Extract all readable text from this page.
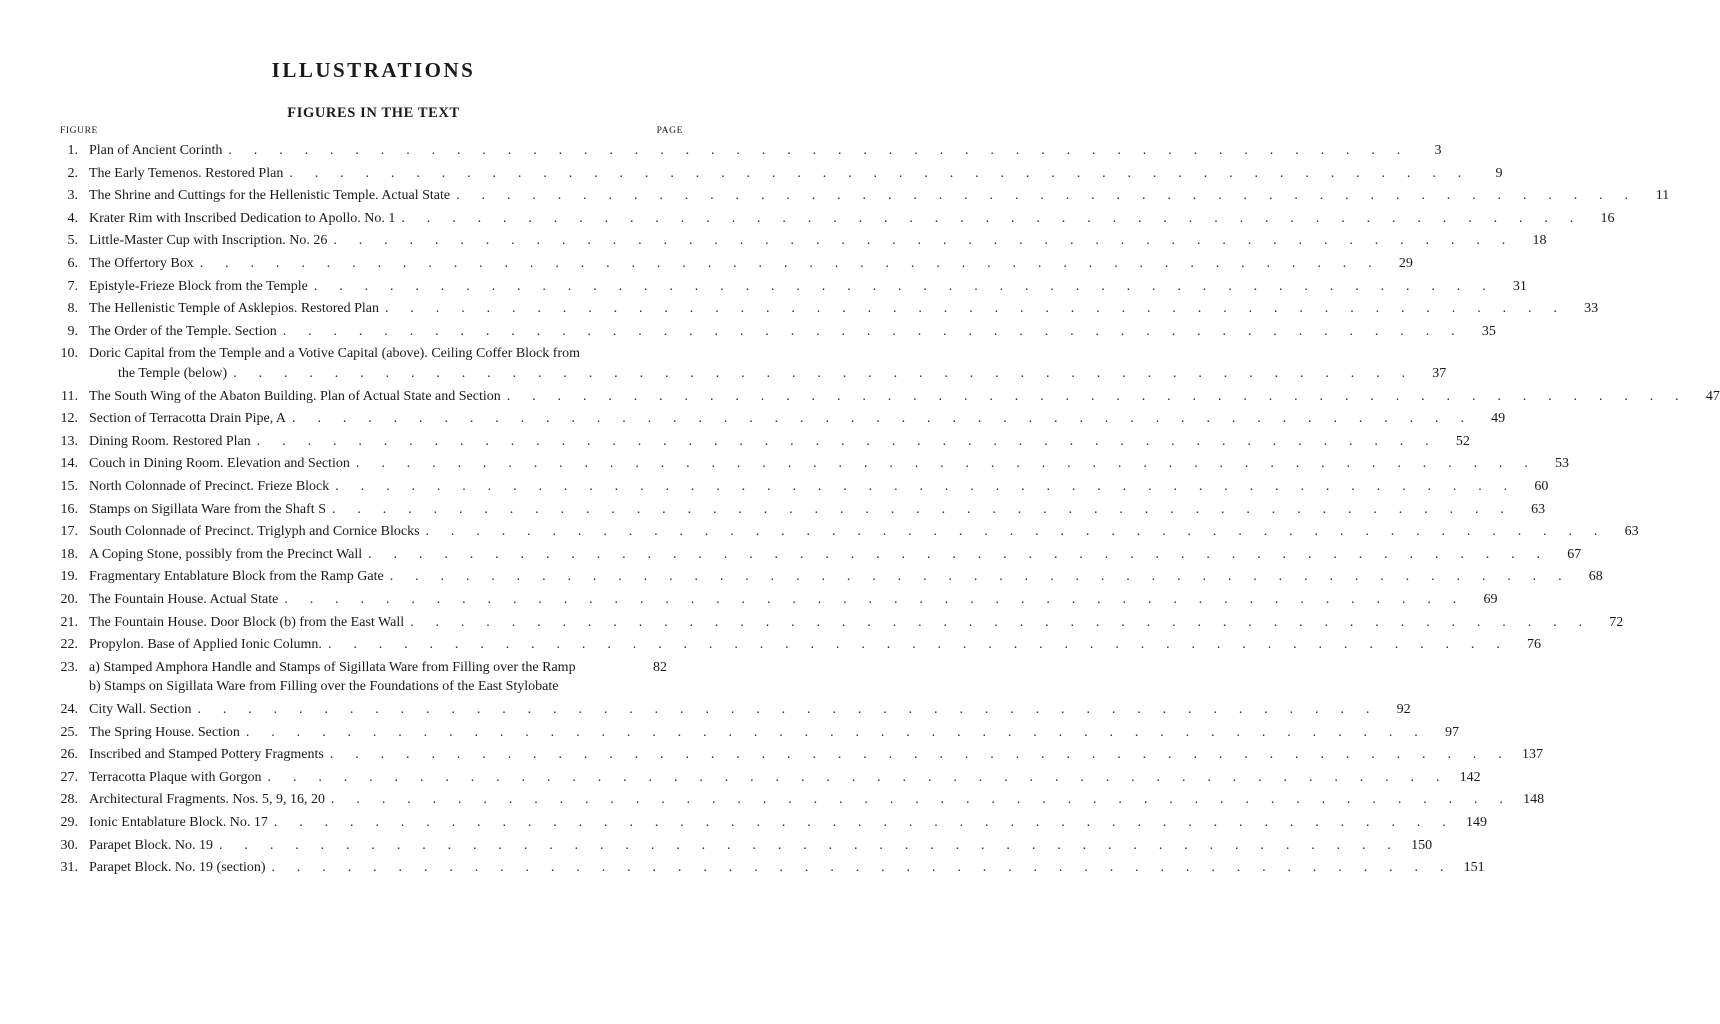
ILLUSTRATIONS
FIGURES IN THE TEXT
FIGURE	PAGE
1. Plan of Ancient Corinth . . . . . . . . . . . . . . . . . . . . . . . . . . . . . . . . . . . . . . . . . . . . . . .	3
2. The Early Temenos. Restored Plan . . . . . . . . . . . . . . . . . . . . . . . . . . . . . . . . . . . . . . . . . . . . . . .	9
3. The Shrine and Cuttings for the Hellenistic Temple. Actual State . . . . . . . . . . . . . . . . . . . . . . . . . . . . . . . . . . . . . . . . . . . . . . .	11
4. Krater Rim with Inscribed Dedication to Apollo. No. 1 . . . . . . . . . . . . . . . . . . . . . . . . . . . . . . . . . . . . . . . . . . . . . . .	16
5. Little-Master Cup with Inscription. No. 26 . . . . . . . . . . . . . . . . . . . . . . . . . . . . . . . . . . . . . . . . . . . . . . .	18
6. The Offertory Box . . . . . . . . . . . . . . . . . . . . . . . . . . . . . . . . . . . . . . . . . . . . . . .	29
7. Epistyle-Frieze Block from the Temple . . . . . . . . . . . . . . . . . . . . . . . . . . . . . . . . . . . . . . . . . . . . . . .	31
8. The Hellenistic Temple of Asklepios. Restored Plan . . . . . . . . . . . . . . . . . . . . . . . . . . . . . . . . . . . . . . . . . . . . . . .	33
9. The Order of the Temple. Section . . . . . . . . . . . . . . . . . . . . . . . . . . . . . . . . . . . . . . . . . . . . . . .	35
10. Doric Capital from the Temple and a Votive Capital (above). Ceiling Coffer Block from
the Temple (below) . . . . . . . . . . . . . . . . . . . . . . . . . . . . . . . . . . . . . . . . . . . . . . .	37
11. The South Wing of the Abaton Building. Plan of Actual State and Section . . . . . . . . . . . . . . . . . . . . . . . . . . . . . . . . . . . . . . . . . . . . . . .	47
12. Section of Terracotta Drain Pipe, A . . . . . . . . . . . . . . . . . . . . . . . . . . . . . . . . . . . . . . . . . . . . . . .	49
13. Dining Room. Restored Plan . . . . . . . . . . . . . . . . . . . . . . . . . . . . . . . . . . . . . . . . . . . . . . .	52
14. Couch in Dining Room. Elevation and Section . . . . . . . . . . . . . . . . . . . . . . . . . . . . . . . . . . . . . . . . . . . . . . .	53
15. North Colonnade of Precinct. Frieze Block . . . . . . . . . . . . . . . . . . . . . . . . . . . . . . . . . . . . . . . . . . . . . . .	60
16. Stamps on Sigillata Ware from the Shaft S . . . . . . . . . . . . . . . . . . . . . . . . . . . . . . . . . . . . . . . . . . . . . . .	63
17. South Colonnade of Precinct. Triglyph and Cornice Blocks . . . . . . . . . . . . . . . . . . . . . . . . . . . . . . . . . . . . . . . . . . . . . . .	63
18. A Coping Stone, possibly from the Precinct Wall . . . . . . . . . . . . . . . . . . . . . . . . . . . . . . . . . . . . . . . . . . . . . . .	67
19. Fragmentary Entablature Block from the Ramp Gate . . . . . . . . . . . . . . . . . . . . . . . . . . . . . . . . . . . . . . . . . . . . . . .	68
20. The Fountain House. Actual State . . . . . . . . . . . . . . . . . . . . . . . . . . . . . . . . . . . . . . . . . . . . . . .	69
21. The Fountain House. Door Block (b) from the East Wall . . . . . . . . . . . . . . . . . . . . . . . . . . . . . . . . . . . . . . . . . . . . . . .	72
22. Propylon. Base of Applied Ionic Column. . . . . . . . . . . . . . . . . . . . . . . . . . . . . . . . . . . . . . . . . . . . . . . .	76
23. a) Stamped Amphora Handle and Stamps of Sigillata Ware from Filling over the Ramp	82
b) Stamps on Sigillata Ware from Filling over the Foundations of the East Stylobate
24. City Wall. Section . . . . . . . . . . . . . . . . . . . . . . . . . . . . . . . . . . . . . . . . . . . . . . .	92
25. The Spring House. Section . . . . . . . . . . . . . . . . . . . . . . . . . . . . . . . . . . . . . . . . . . . . . . .	97
26. Inscribed and Stamped Pottery Fragments . . . . . . . . . . . . . . . . . . . . . . . . . . . . . . . . . . . . . . . . . . . . . . . 137
27. Terracotta Plaque with Gorgon . . . . . . . . . . . . . . . . . . . . . . . . . . . . . . . . . . . . . . . . . . . . . . . 142
28. Architectural Fragments. Nos. 5, 9, 16, 20 . . . . . . . . . . . . . . . . . . . . . . . . . . . . . . . . . . . . . . . . . . . . . . . 148
29. Ionic Entablature Block. No. 17 . . . . . . . . . . . . . . . . . . . . . . . . . . . . . . . . . . . . . . . . . . . . . . . 149
30. Parapet Block. No. 19 . . . . . . . . . . . . . . . . . . . . . . . . . . . . . . . . . . . . . . . . . . . . . . . 150
31. Parapet Block. No. 19 (section) . . . . . . . . . . . . . . . . . . . . . . . . . . . . . . . . . . . . . . . . . . . . . . . 151
